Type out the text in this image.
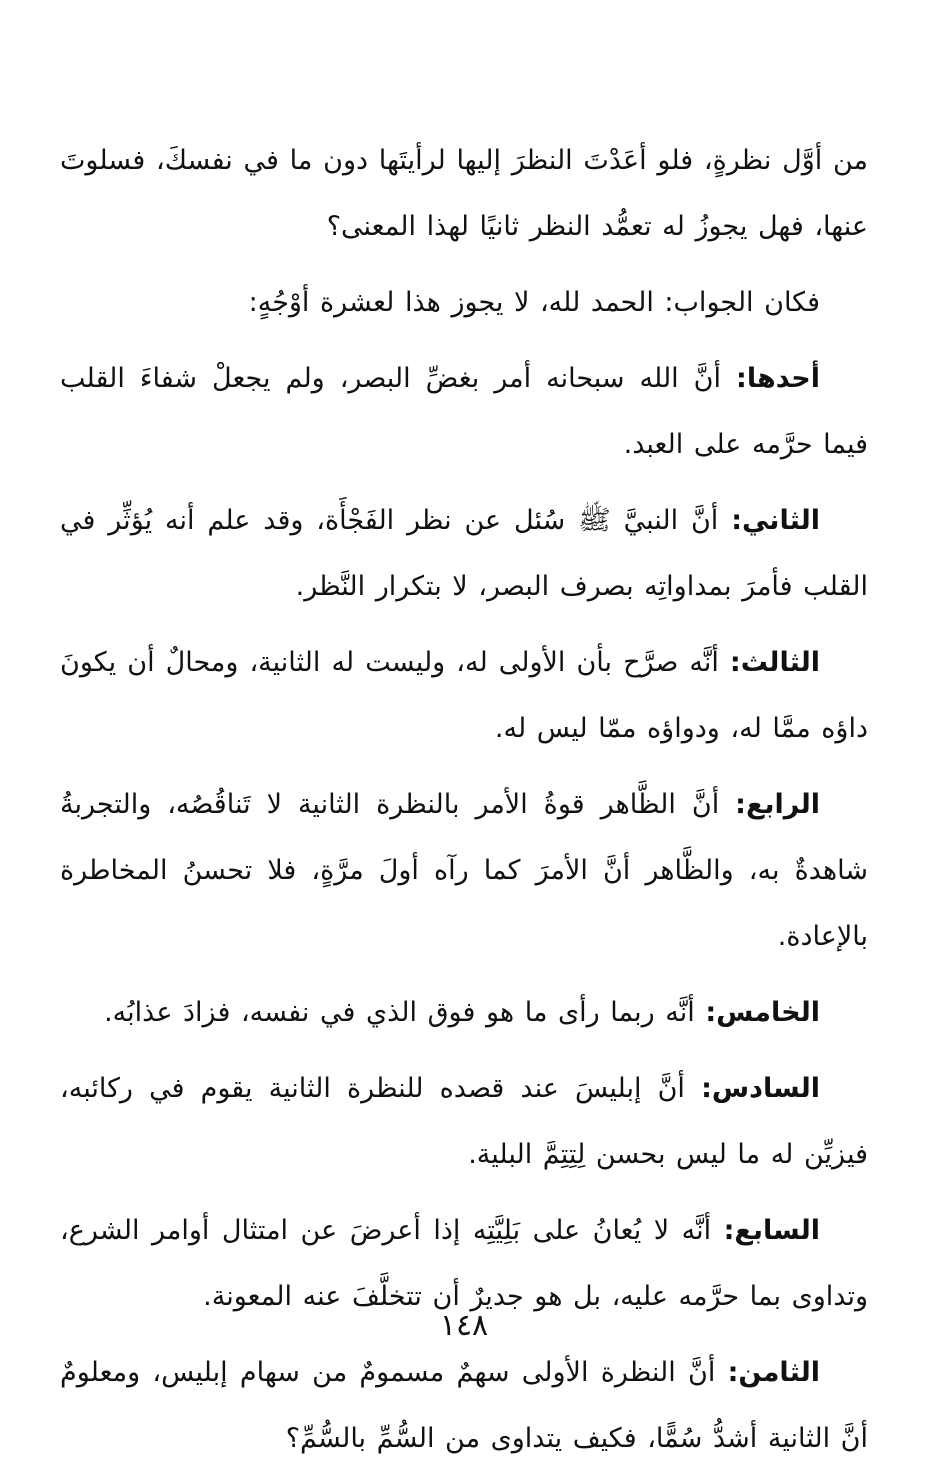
من أوَّل نظرةٍ، فلو أعَدْتَ النظرَ إليها لرأيتَها دون ما في نفسكَ، فسلوتَ عنها، فهل يجوزُ له تعمُّد النظر ثانيًا لهذا المعنى؟

فكان الجواب: الحمد لله، لا يجوز هذا لعشرة أوْجُهٍ:

أحدها: أنَّ الله سبحانه أمر بغضِّ البصر، ولم يجعلْ شفاءَ القلب فيما حرَّمه على العبد.

الثاني: أنَّ النبيَّ ﷺ سُئل عن نظر الفَجْأَة، وقد علم أنه يُؤثِّر في القلب فأمرَ بمداواتِه بصرف البصر، لا بتكرار النَّظر.

الثالث: أنَّه صرَّح بأن الأولى له، وليست له الثانية، ومحالٌ أن يكونَ داؤه ممَّا له، ودواؤه ممّا ليس له.

الرابع: أنَّ الظَّاهر قوةُ الأمر بالنظرة الثانية لا تَناقُصُه، والتجربةُ شاهدةٌ به، والظَّاهر أنَّ الأمرَ كما رآه أولَ مرَّةٍ، فلا تحسنُ المخاطرة بالإعادة.

الخامس: أنَّه ربما رأى ما هو فوق الذي في نفسه، فزادَ عذابُه.

السادس: أنَّ إبليسَ عند قصده للنظرة الثانية يقوم في ركائبه، فيزيِّن له ما ليس بحسن لِتِتِمَّ البلية.

السابع: أنَّه لا يُعانُ على بَلِيَّتِه إذا أعرضَ عن امتثال أوامر الشرع، وتداوى بما حرَّمه عليه، بل هو جديرٌ أن تتخلَّفَ عنه المعونة.

الثامن: أنَّ النظرة الأولى سهمٌ مسمومٌ من سهام إبليس، ومعلومٌ أنَّ الثانية أشدُّ سُمًّا، فكيف يتداوى من السُّمِّ بالسُّمِّ؟

١٤٨
